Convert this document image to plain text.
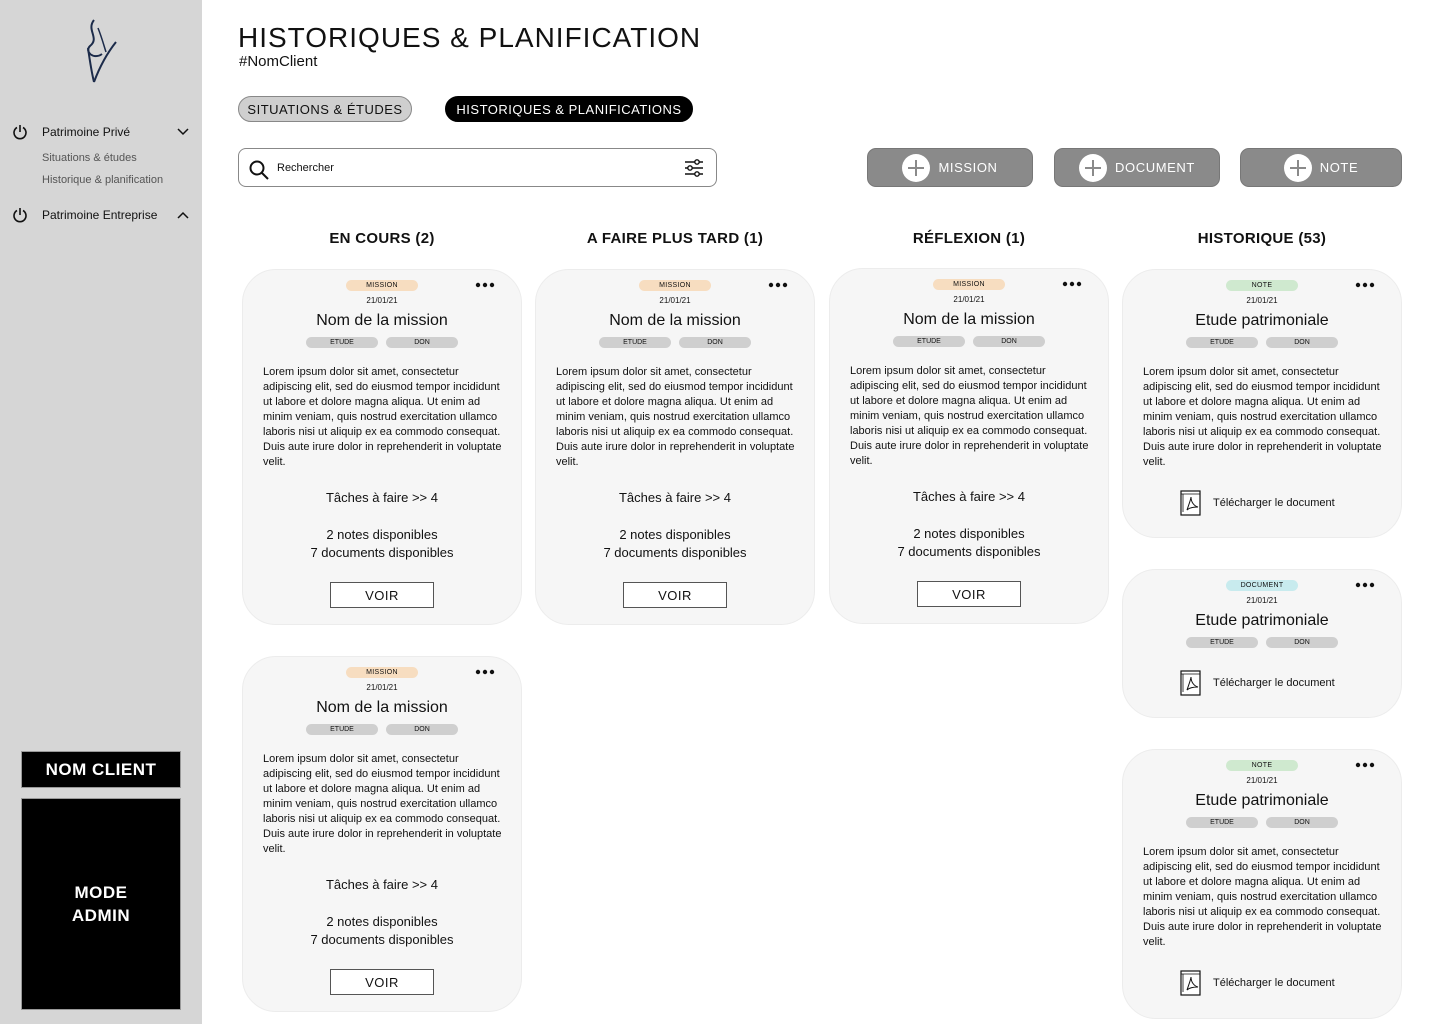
Patrimoine Privé
Situations & études
Historique & planification
Patrimoine Entreprise
NOM CLIENT
MODE
ADMIN
HISTORIQUES & PLANIFICATION
#NomClient
SITUATIONS & ÉTUDES	HISTORIQUES & PLANIFICATIONS
Rechercher
MISSION	DOCUMENT	NOTE
EN COURS (2)	A FAIRE PLUS TARD (1)	RÉFLEXION (1)	HISTORIQUE (53)
MISSION
21/01/21
Nom de la mission
ETUDE	DON
Lorem ipsum dolor sit amet, consectetur adipiscing elit, sed do eiusmod tempor incididunt ut labore et dolore magna aliqua. Ut enim ad minim veniam, quis nostrud exercitation ullamco laboris nisi ut aliquip ex ea commodo consequat. Duis aute irure dolor in reprehenderit in voluptate velit.
Tâches à faire >> 4
2 notes disponibles
7 documents disponibles
VOIR
MISSION
21/01/21
Nom de la mission
ETUDE	DON
Lorem ipsum dolor sit amet, consectetur adipiscing elit, sed do eiusmod tempor incididunt ut labore et dolore magna aliqua. Ut enim ad minim veniam, quis nostrud exercitation ullamco laboris nisi ut aliquip ex ea commodo consequat. Duis aute irure dolor in reprehenderit in voluptate velit.
Tâches à faire >> 4
2 notes disponibles
7 documents disponibles
VOIR
MISSION
21/01/21
Nom de la mission
ETUDE	DON
Lorem ipsum dolor sit amet, consectetur adipiscing elit, sed do eiusmod tempor incididunt ut labore et dolore magna aliqua. Ut enim ad minim veniam, quis nostrud exercitation ullamco laboris nisi ut aliquip ex ea commodo consequat. Duis aute irure dolor in reprehenderit in voluptate velit.
Tâches à faire >> 4
2 notes disponibles
7 documents disponibles
VOIR
MISSION
21/01/21
Nom de la mission
ETUDE	DON
Lorem ipsum dolor sit amet, consectetur adipiscing elit, sed do eiusmod tempor incididunt ut labore et dolore magna aliqua. Ut enim ad minim veniam, quis nostrud exercitation ullamco laboris nisi ut aliquip ex ea commodo consequat. Duis aute irure dolor in reprehenderit in voluptate velit.
Tâches à faire >> 4
2 notes disponibles
7 documents disponibles
VOIR
NOTE
21/01/21
Etude patrimoniale
ETUDE	DON
Lorem ipsum dolor sit amet, consectetur adipiscing elit, sed do eiusmod tempor incididunt ut labore et dolore magna aliqua. Ut enim ad minim veniam, quis nostrud exercitation ullamco laboris nisi ut aliquip ex ea commodo consequat. Duis aute irure dolor in reprehenderit in voluptate velit.
Télécharger le document
DOCUMENT
21/01/21
Etude patrimoniale
ETUDE	DON
Télécharger le document
NOTE
21/01/21
Etude patrimoniale
ETUDE	DON
Lorem ipsum dolor sit amet, consectetur adipiscing elit, sed do eiusmod tempor incididunt ut labore et dolore magna aliqua. Ut enim ad minim veniam, quis nostrud exercitation ullamco laboris nisi ut aliquip ex ea commodo consequat. Duis aute irure dolor in reprehenderit in voluptate velit.
Télécharger le document
